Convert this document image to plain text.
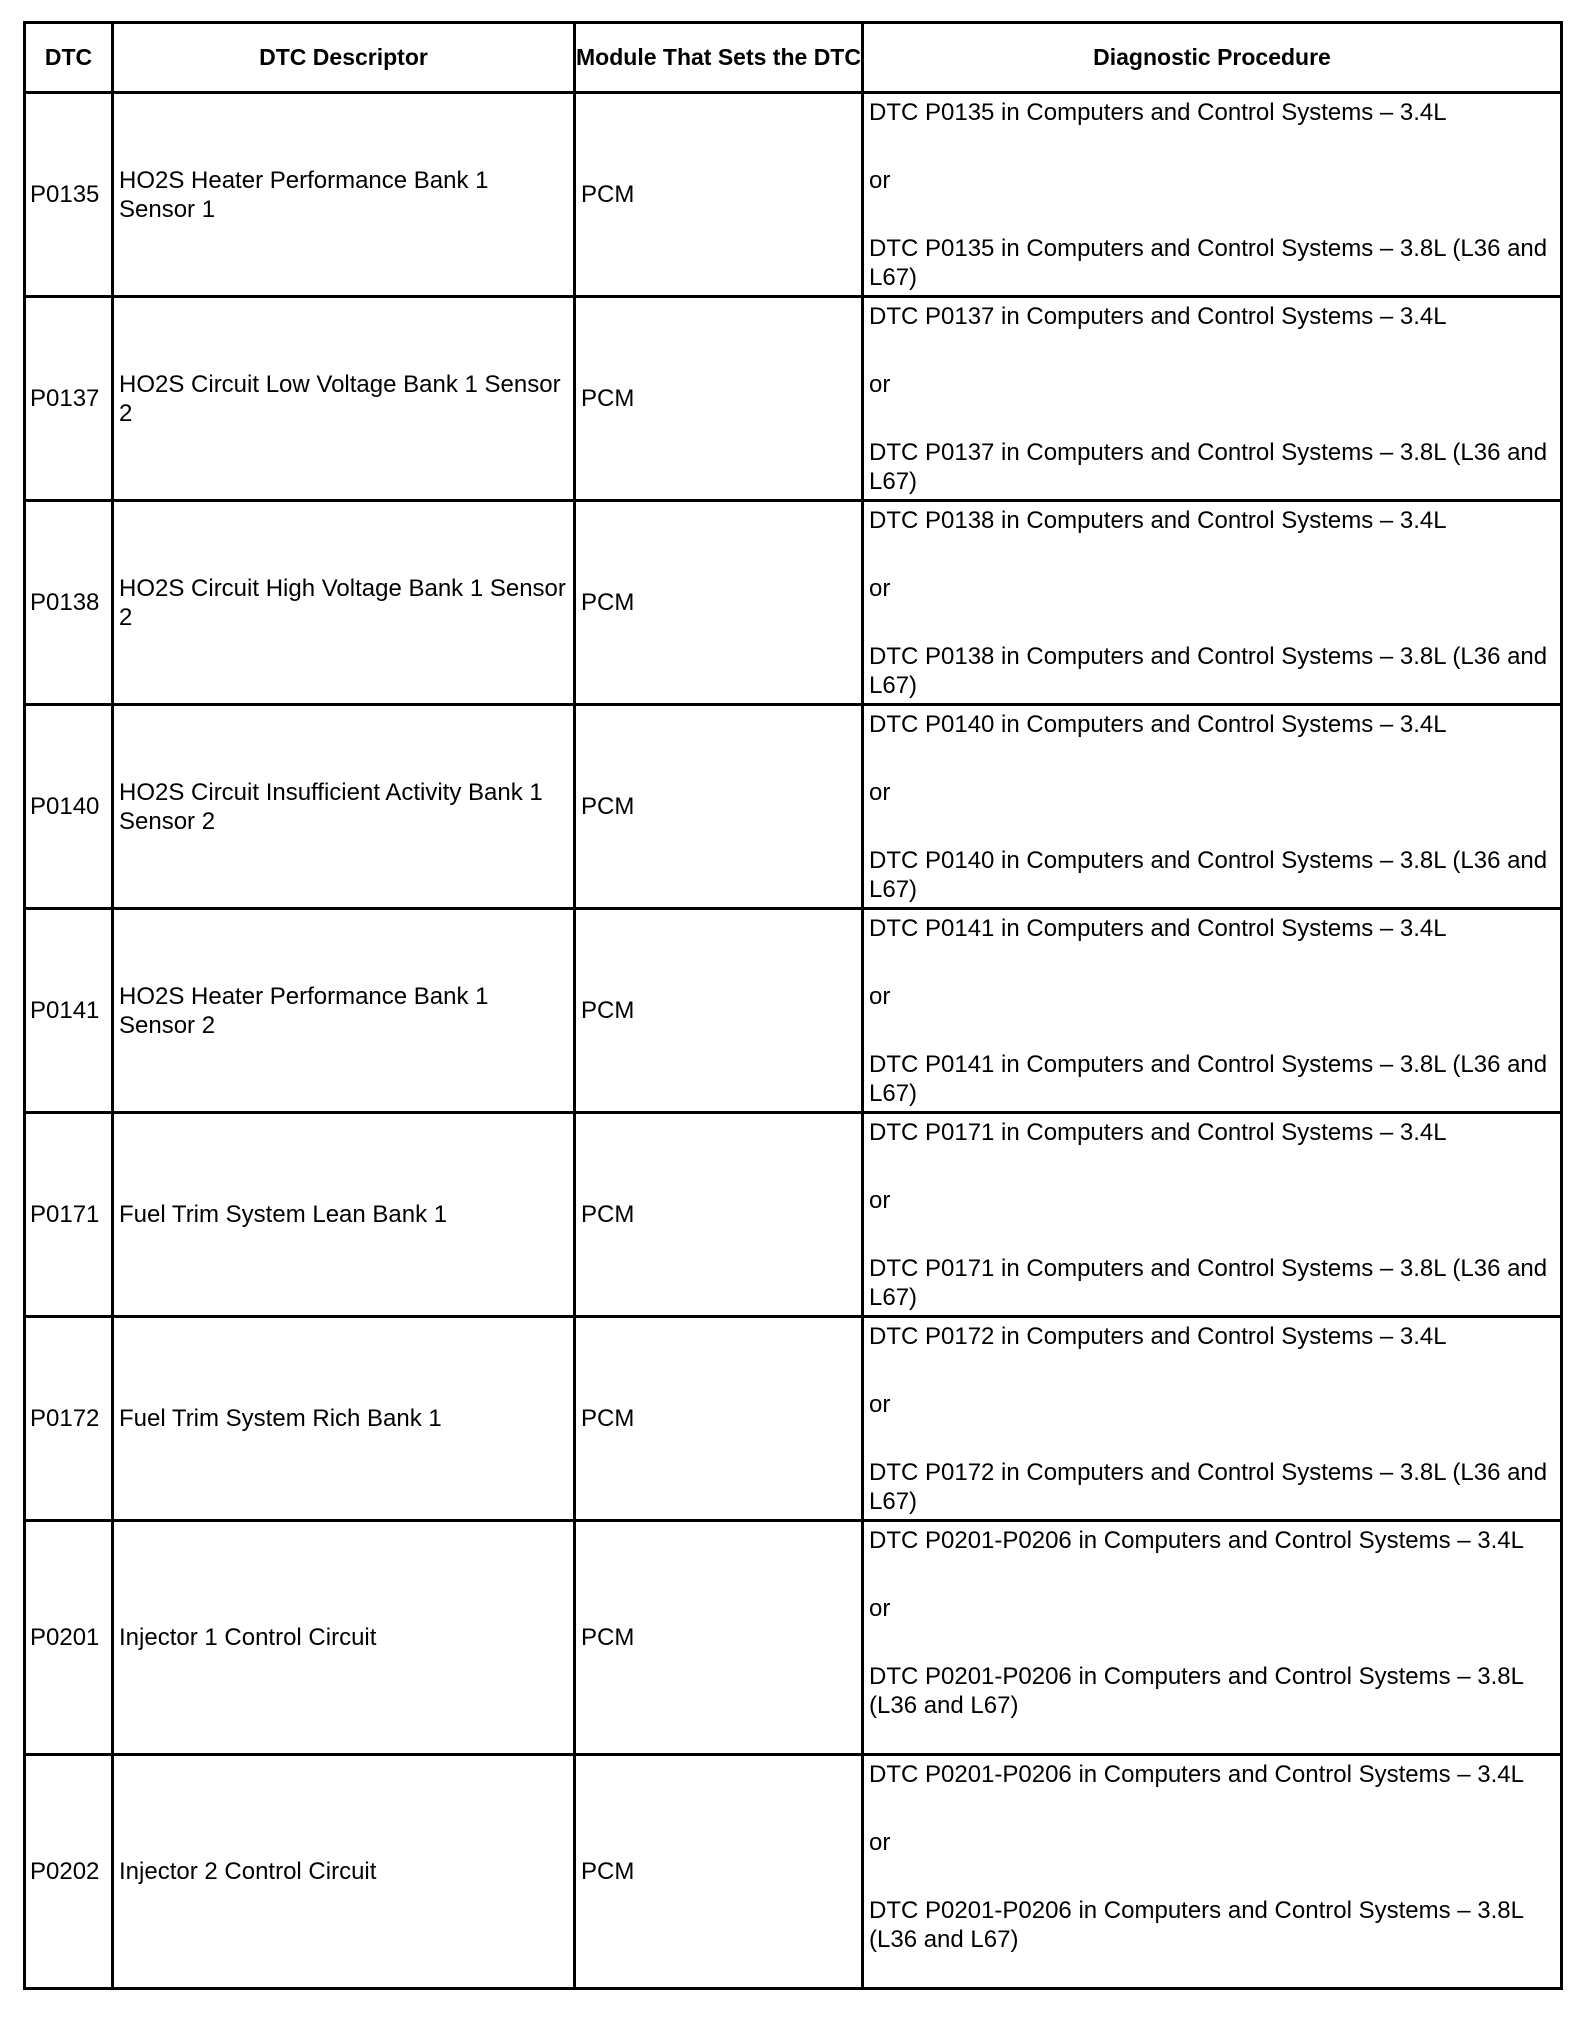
DTC	DTC Descriptor	Module That Sets the DTC	Diagnostic Procedure
P0135	HO2S Heater Performance Bank 1 Sensor 1	PCM	DTC P0135 in Computers and Control Systems – 3.4L
or
DTC P0135 in Computers and Control Systems – 3.8L (L36 and L67)

P0137	HO2S Circuit Low Voltage Bank 1 Sensor 2	PCM	DTC P0137 in Computers and Control Systems – 3.4L
or
DTC P0137 in Computers and Control Systems – 3.8L (L36 and L67)

P0138	HO2S Circuit High Voltage Bank 1 Sensor 2	PCM	DTC P0138 in Computers and Control Systems – 3.4L
or
DTC P0138 in Computers and Control Systems – 3.8L (L36 and L67)

P0140	HO2S Circuit Insufficient Activity Bank 1 Sensor 2	PCM	DTC P0140 in Computers and Control Systems – 3.4L
or
DTC P0140 in Computers and Control Systems – 3.8L (L36 and L67)

P0141	HO2S Heater Performance Bank 1 Sensor 2	PCM	DTC P0141 in Computers and Control Systems – 3.4L
or
DTC P0141 in Computers and Control Systems – 3.8L (L36 and L67)

P0171	Fuel Trim System Lean Bank 1	PCM	DTC P0171 in Computers and Control Systems – 3.4L
or
DTC P0171 in Computers and Control Systems – 3.8L (L36 and L67)

P0172	Fuel Trim System Rich Bank 1	PCM	DTC P0172 in Computers and Control Systems – 3.4L
or
DTC P0172 in Computers and Control Systems – 3.8L (L36 and L67)

P0201	Injector 1 Control Circuit	PCM	DTC P0201-P0206 in Computers and Control Systems – 3.4L
or
DTC P0201-P0206 in Computers and Control Systems – 3.8L (L36 and L67)

P0202	Injector 2 Control Circuit	PCM	DTC P0201-P0206 in Computers and Control Systems – 3.4L
or
DTC P0201-P0206 in Computers and Control Systems – 3.8L (L36 and L67)
